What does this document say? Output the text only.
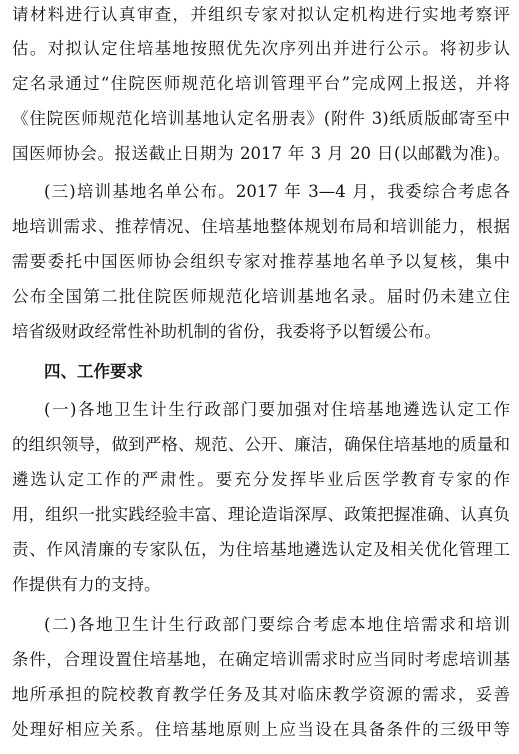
请材料进行认真审查，并组织专家对拟认定机构进行实地考察评
估。对拟认定住培基地按照优先次序列出并进行公示。将初步认
定名录通过“住院医师规范化培训管理平台”完成网上报送，并将
《住院医师规范化培训基地认定名册表》(附件 3)纸质版邮寄至中
国医师协会。报送截止日期为 2017 年 3 月 20 日(以邮戳为准)。
(三)培训基地名单公布。2017 年 3—4 月，我委综合考虑各
地培训需求、推荐情况、住培基地整体规划布局和培训能力，根据
需要委托中国医师协会组织专家对推荐基地名单予以复核，集中
公布全国第二批住院医师规范化培训基地名录。届时仍未建立住
培省级财政经常性补助机制的省份，我委将予以暂缓公布。
四、工作要求
(一)各地卫生计生行政部门要加强对住培基地遴选认定工作
的组织领导，做到严格、规范、公开、廉洁，确保住培基地的质量和
遴选认定工作的严肃性。要充分发挥毕业后医学教育专家的作
用，组织一批实践经验丰富、理论造诣深厚、政策把握准确、认真负
责、作风清廉的专家队伍，为住培基地遴选认定及相关优化管理工
作提供有力的支持。
(二)各地卫生计生行政部门要综合考虑本地住培需求和培训
条件，合理设置住培基地，在确定培训需求时应当同时考虑培训基
地所承担的院校教育教学任务及其对临床教学资源的需求，妥善
处理好相应关系。住培基地原则上应当设在具备条件的三级甲等
